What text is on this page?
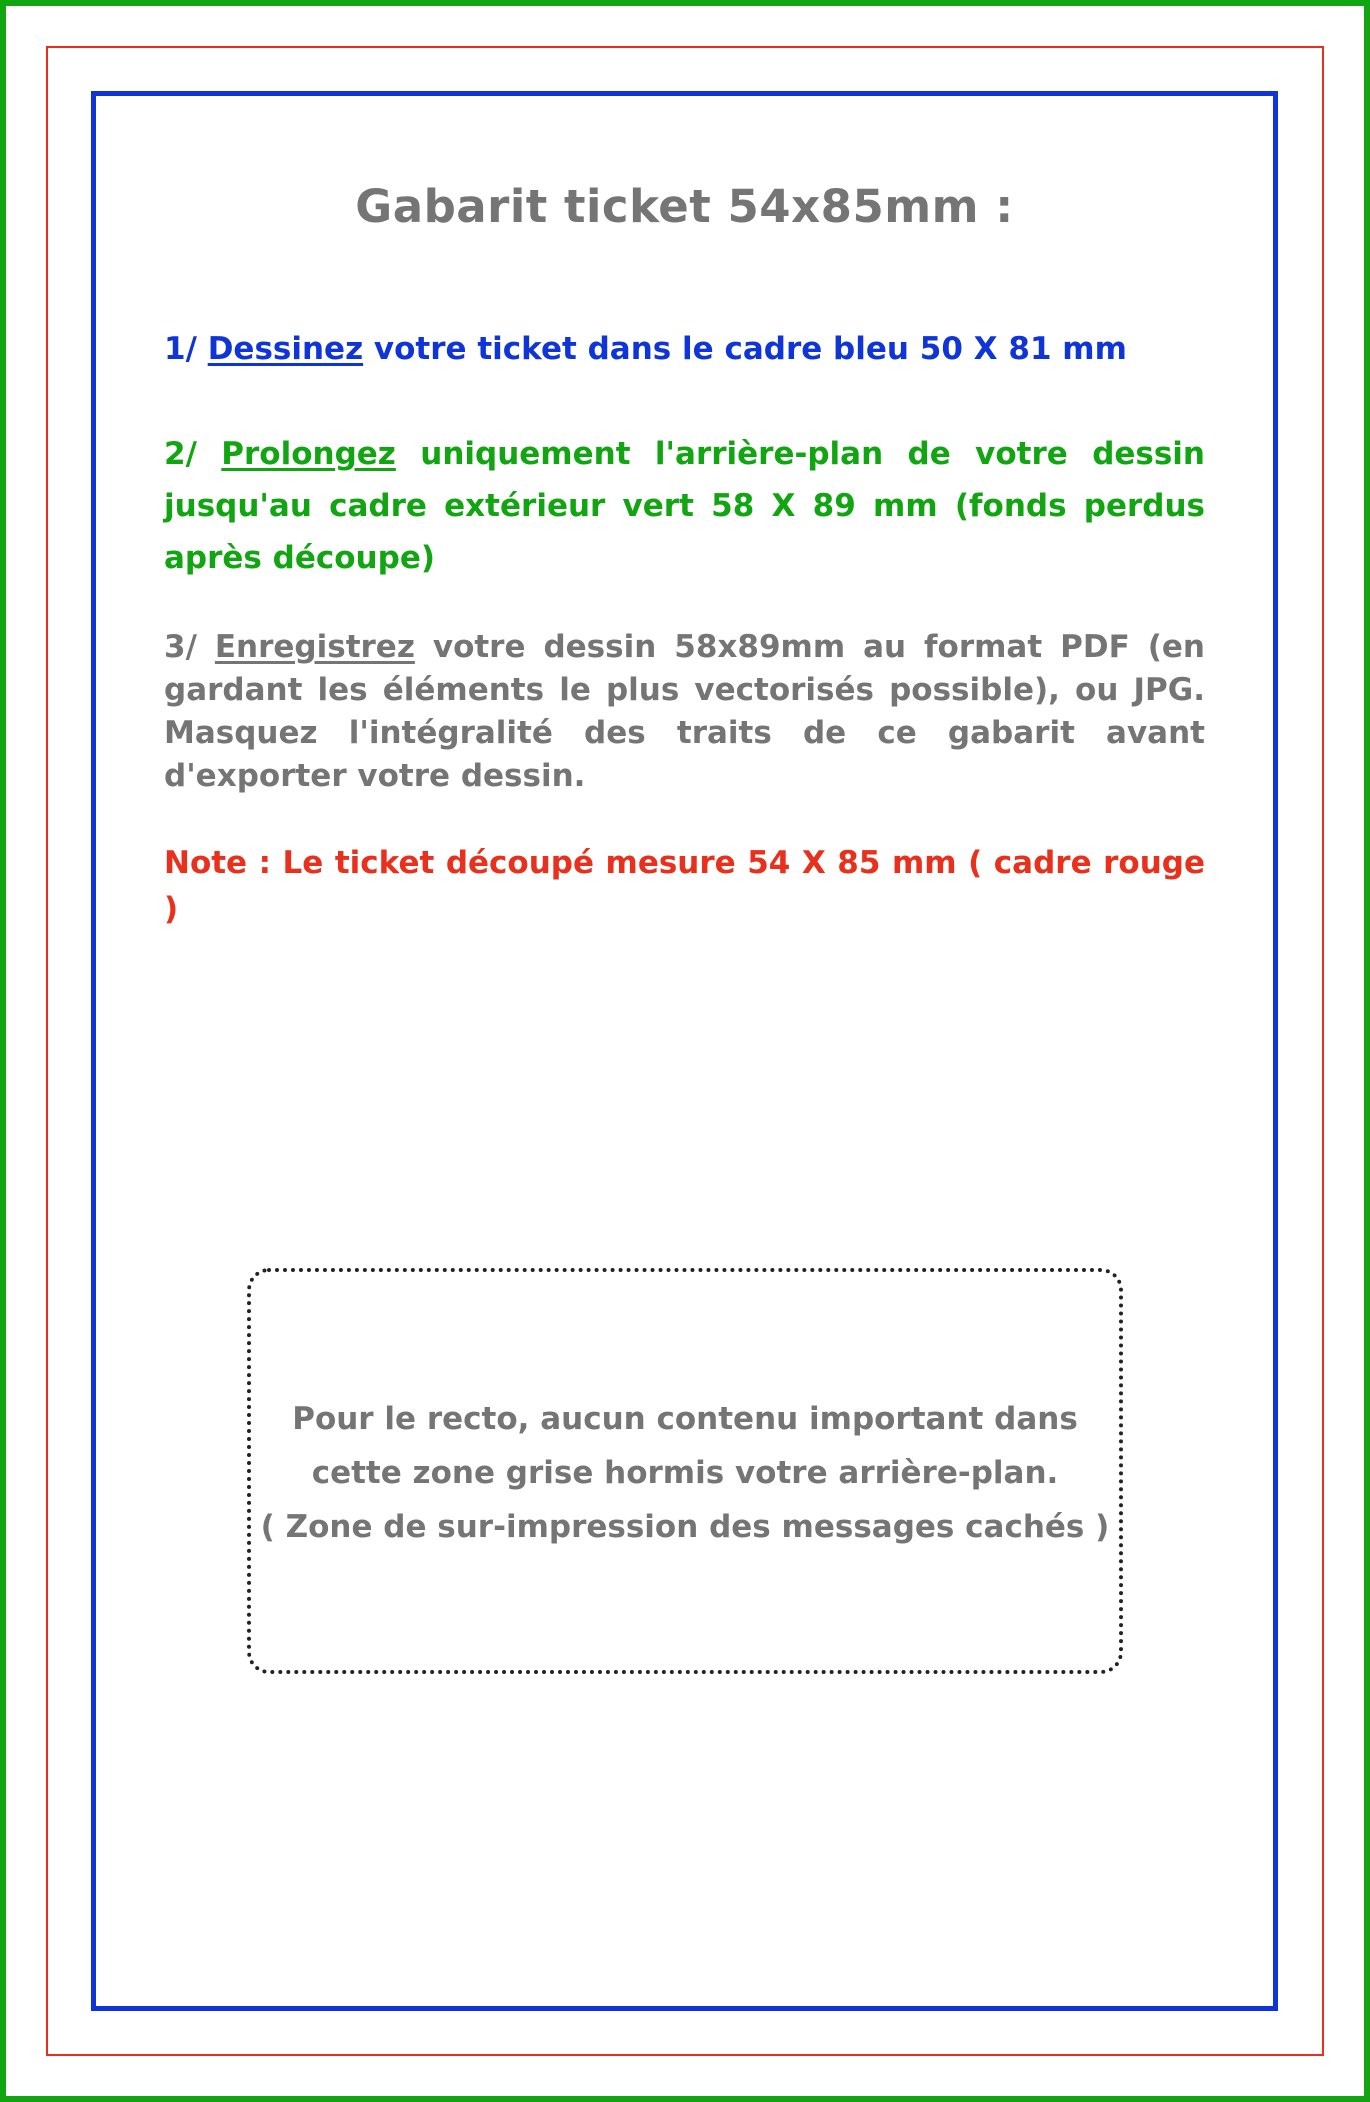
Gabarit ticket 54x85mm :
1/ Dessinez votre ticket dans le cadre bleu 50 X 81 mm
2/ Prolongez uniquement l'arrière-plan de votre dessin jusqu'au cadre extérieur vert 58 X 89 mm (fonds perdus après découpe)
3/ Enregistrez votre dessin 58x89mm au format PDF (en gardant les éléments le plus vectorisés possible), ou JPG. Masquez l'intégralité des traits de ce gabarit avant d'exporter votre dessin.
Note : Le ticket découpé mesure 54 X 85 mm ( cadre rouge )
Pour le recto, aucun contenu important dans
cette zone grise hormis votre arrière-plan.
( Zone de sur-impression des messages cachés )
